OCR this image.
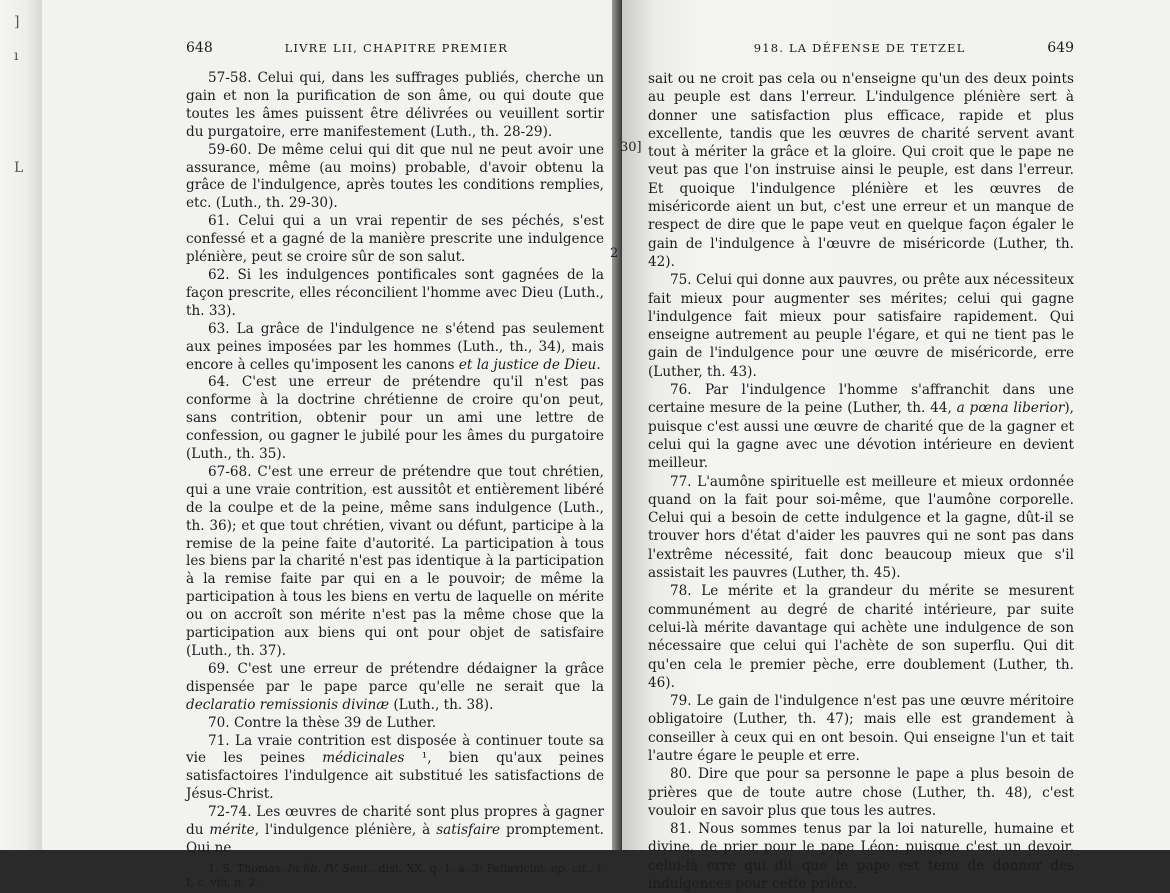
]
ı
L
648	LIVRE LII, CHAPITRE PREMIER

57-58. Celui qui, dans les suffrages publiés, cherche un gain et non la purification de son âme, ou qui doute que toutes les âmes puissent être délivrées ou veuillent sortir du purgatoire, erre manifestement (Luth., th. 28-29).

59-60. De même celui qui dit que nul ne peut avoir une assurance, même (au moins) probable, d'avoir obtenu la grâce de l'indulgence, après toutes les conditions remplies, etc. (Luth., th. 29-30).

61. Celui qui a un vrai repentir de ses péchés, s'est confessé et a gagné de la manière prescrite une indulgence plénière, peut se croire sûr de son salut.

62. Si les indulgences pontificales sont gagnées de la façon prescrite, elles réconcilient l'homme avec Dieu (Luth., th. 33).

63. La grâce de l'indulgence ne s'étend pas seulement aux peines imposées par les hommes (Luth., th., 34), mais encore à celles qu'imposent les canons et la justice de Dieu.

64. C'est une erreur de prétendre qu'il n'est pas conforme à la doctrine chrétienne de croire qu'on peut, sans contrition, obtenir pour un ami une lettre de confession, ou gagner le jubilé pour les âmes du purgatoire (Luth., th. 35).

67-68. C'est une erreur de prétendre que tout chrétien, qui a une vraie contrition, est aussitôt et entièrement libéré de la coulpe et de la peine, même sans indulgence (Luth., th. 36); et que tout chrétien, vivant ou défunt, participe à la remise de la peine faite d'autorité. La participation à tous les biens par la charité n'est pas identique à la participation à la remise faite par qui en a le pouvoir; de même la participation à tous les biens en vertu de laquelle on mérite ou on accroît son mérite n'est pas la même chose que la participation aux biens qui ont pour objet de satisfaire (Luth., th. 37).

69. C'est une erreur de prétendre dédaigner la grâce dispensée par le pape parce qu'elle ne serait que la declaratio remissionis divinæ (Luth., th. 38).

70. Contre la thèse 39 de Luther.

71. La vraie contrition est disposée à continuer toute sa vie les peines médicinales ¹, bien qu'aux peines satisfactoires l'indulgence ait substitué les satisfactions de Jésus-Christ.

72-74. Les œuvres de charité sont plus propres à gagner du mérite, l'indulgence plénière, à satisfaire promptement. Qui ne

1. S. Thomas, In lib. IV, Sent., dist. XX, q. 1, a. 3; Pallavicini, op. cit., l. I, c. viii, n. 2.

918. LA DÉFENSE DE TETZEL	649

sait ou ne croit pas cela ou n'enseigne qu'un des deux points au peuple est dans l'erreur. L'indulgence plénière sert à donner une satisfaction plus efficace, rapide et plus excellente, tandis que les œuvres de charité servent avant tout à mériter la grâce et la gloire. Qui croit que le pape ne veut pas que l'on instruise ainsi le peuple, est dans l'erreur. Et quoique l'indulgence plénière et les œuvres de miséricorde aient un but, c'est une erreur et un manque de respect de dire que le pape veut en quelque façon égaler le gain de l'indulgence à l'œuvre de miséricorde (Luther, th. 42).

75. Celui qui donne aux pauvres, ou prête aux nécessiteux fait mieux pour augmenter ses mérites; celui qui gagne l'indulgence fait mieux pour satisfaire rapidement. Qui enseigne autrement au peuple l'égare, et qui ne tient pas le gain de l'indulgence pour une œuvre de miséricorde, erre (Luther, th. 43).

76. Par l'indulgence l'homme s'affranchit dans une certaine mesure de la peine (Luther, th. 44, a pœna liberior), puisque c'est aussi une œuvre de charité que de la gagner et celui qui la gagne avec une dévotion intérieure en devient meilleur.

77. L'aumône spirituelle est meilleure et mieux ordonnée quand on la fait pour soi-même, que l'aumône corporelle. Celui qui a besoin de cette indulgence et la gagne, dût-il se trouver hors d'état d'aider les pauvres qui ne sont pas dans l'extrême nécessité, fait donc beaucoup mieux que s'il assistait les pauvres (Luther, th. 45).

78. Le mérite et la grandeur du mérite se mesurent communément au degré de charité intérieure, par suite celui-là mérite davantage qui achète une indulgence de son nécessaire que celui qui l'achète de son superflu. Qui dit qu'en cela le premier pèche, erre doublement (Luther, th. 46).

79. Le gain de l'indulgence n'est pas une œuvre méritoire obligatoire (Luther, th. 47); mais elle est grandement à conseiller à ceux qui en ont besoin. Qui enseigne l'un et tait l'autre égare le peuple et erre.

80. Dire que pour sa personne le pape a plus besoin de prières que de toute autre chose (Luther, th. 48), c'est vouloir en savoir plus que tous les autres.

81. Nous sommes tenus par la loi naturelle, humaine et divine, de prier pour le pape Léon; puisque c'est un devoir, celui-là erre qui dit que le pape est tenu de donner des indulgences pour cette prière.

30]
2
